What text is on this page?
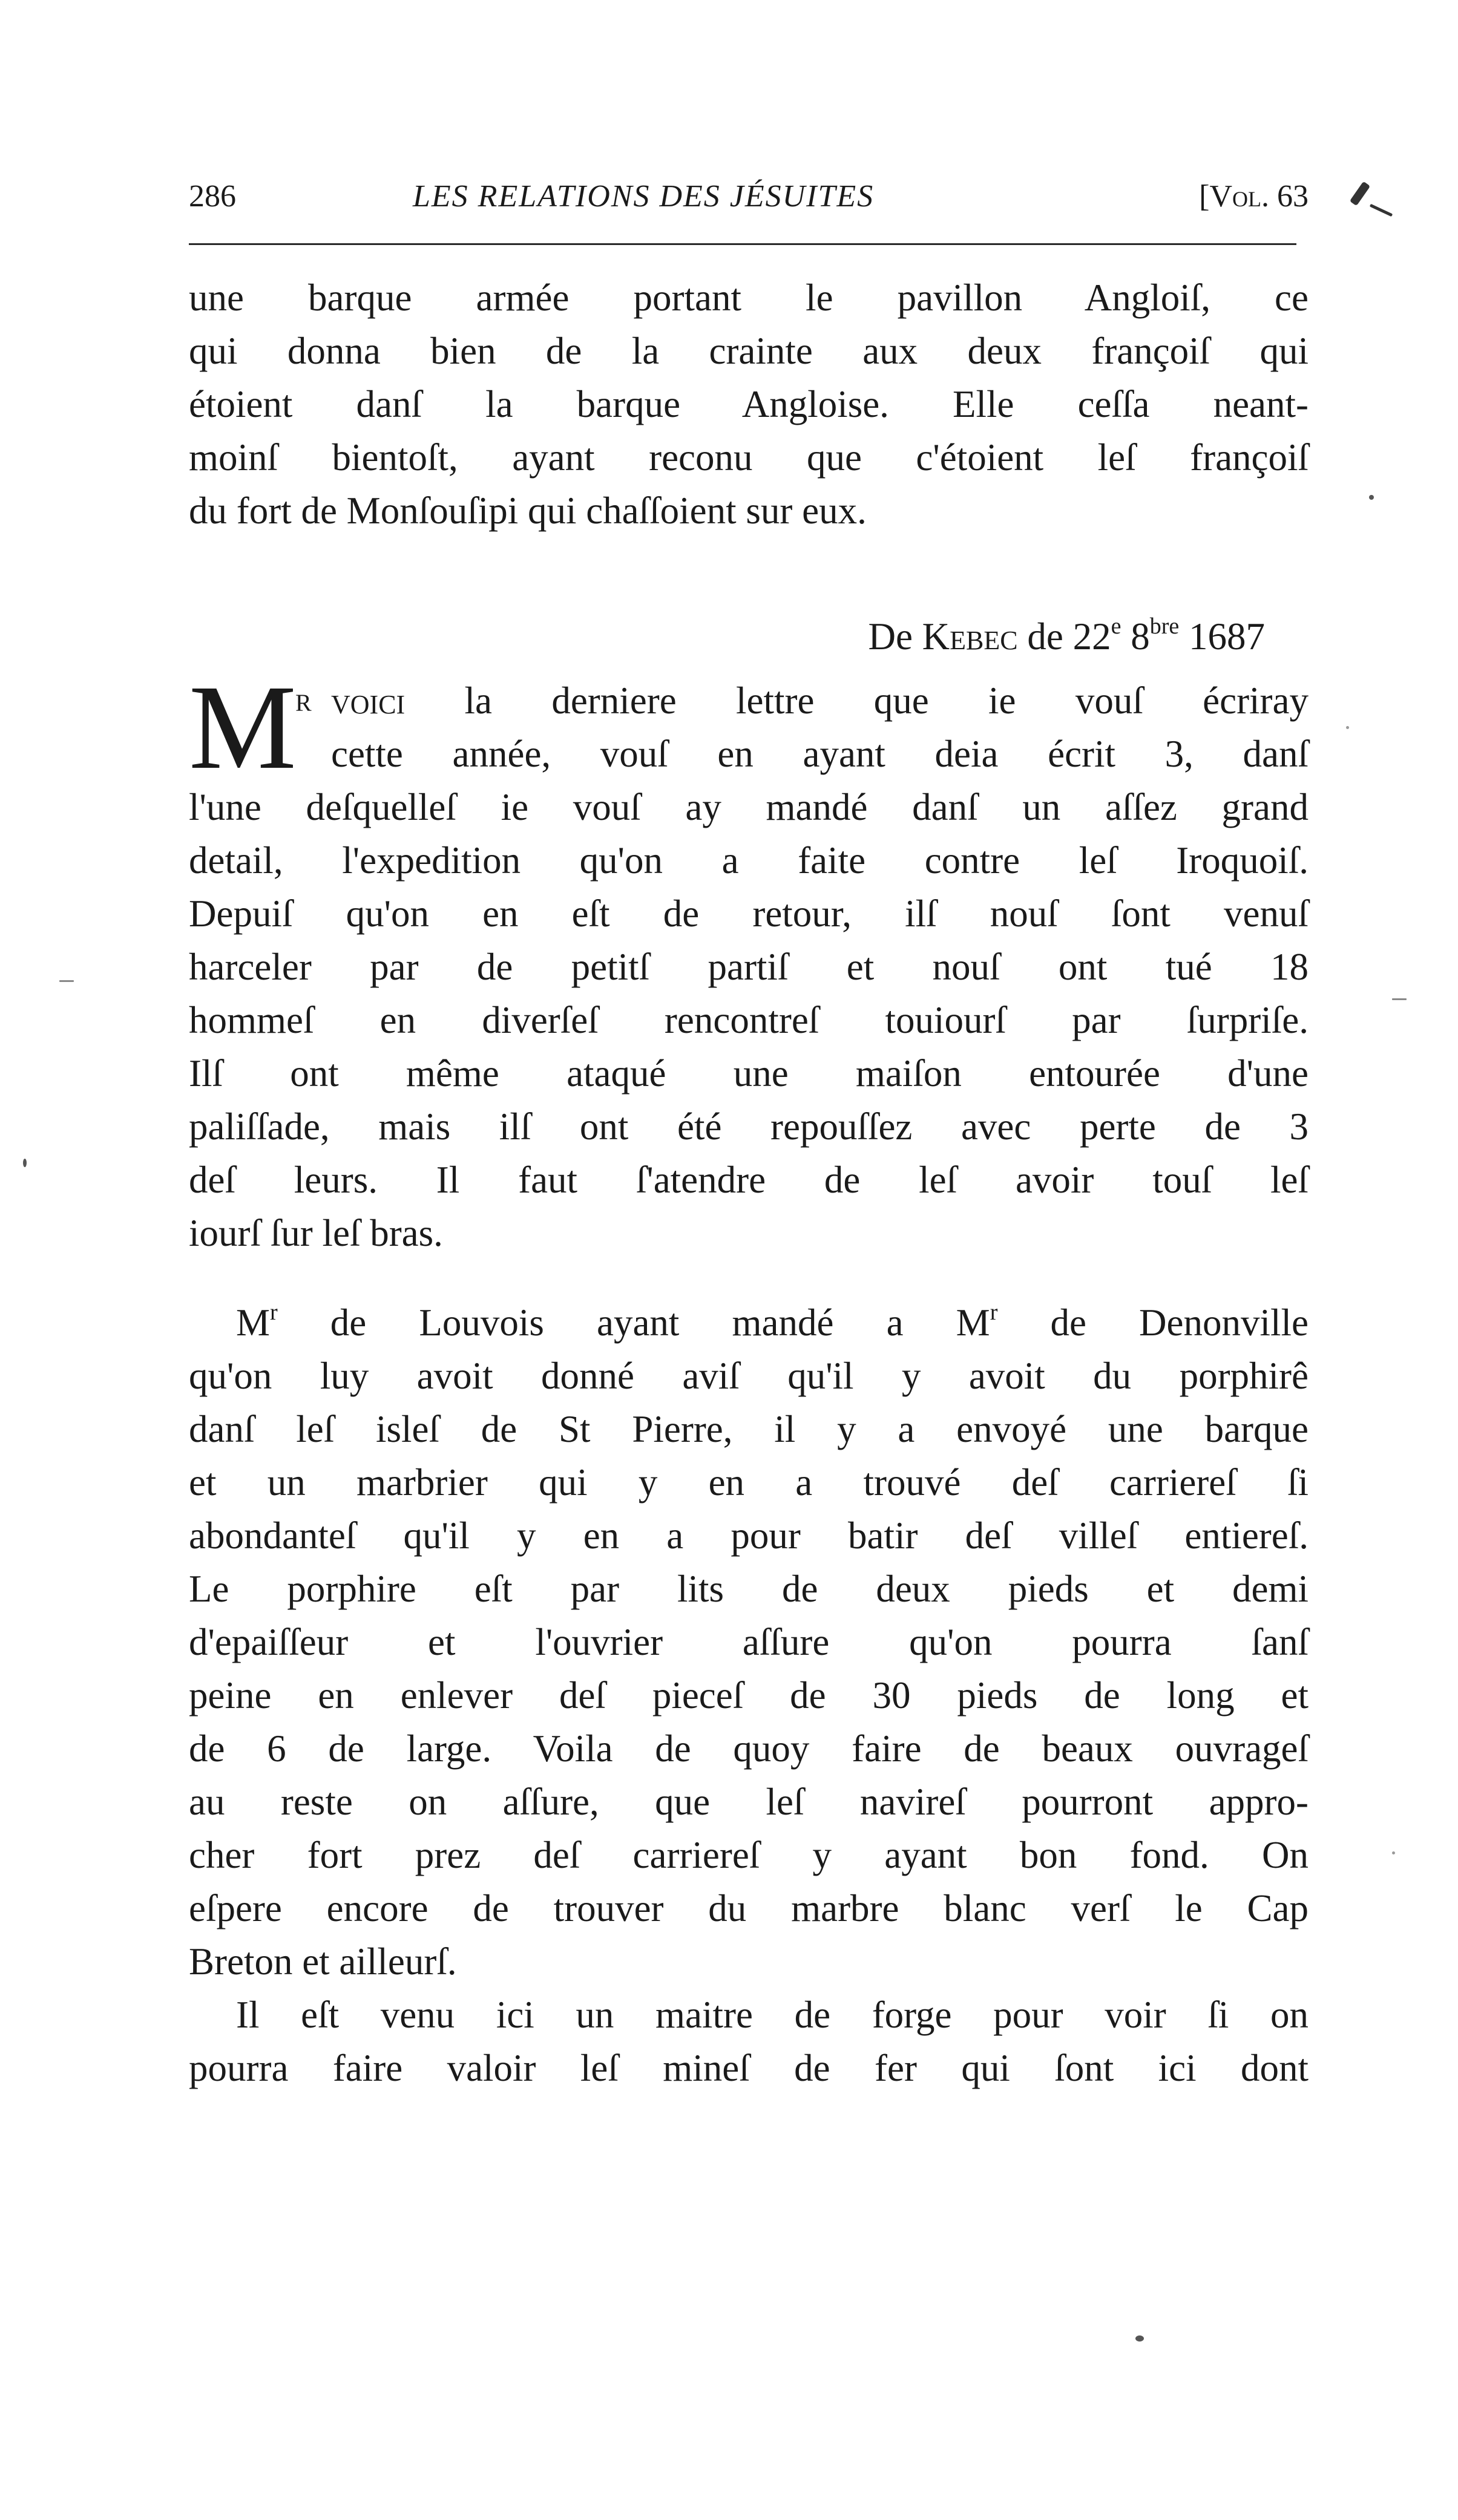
286	LES RELATIONS DES JÉSUITES	[Vol. 63
une barque armée portant le pavillon Angloiſ, ce
qui donna bien de la crainte aux deux françoiſ qui
étoient danſ la barque Angloise. Elle ceſſa neant-
moinſ bientoſt, ayant reconu que c'étoient leſ françoiſ
du fort de Monſouſipi qui chaſſoient sur eux.
De Kebec de 22e $8^{bre}$ 1687
M
R voici la derniere lettre que ie vouſ écriray
cette année, vouſ en ayant deia écrit 3, danſ
l'une deſquelleſ ie vouſ ay mandé danſ un aſſez grand
detail, l'expedition qu'on a faite contre leſ Iroquoiſ.
Depuiſ qu'on en eſt de retour, ilſ nouſ ſont venuſ
harceler par de petitſ partiſ et nouſ ont tué 18
hommeſ en diverſeſ rencontreſ touiourſ par ſurpriſe.
Ilſ ont même ataqué une maiſon entourée d'une
paliſſade, mais ilſ ont été repouſſez avec perte de 3
deſ leurs. Il faut ſ'atendre de leſ avoir touſ leſ
iourſ ſur leſ bras.
$M^r$ de Louvois ayant mandé a $M^r$ de Denonville
qu'on luy avoit donné aviſ qu'il y avoit du porphirê
danſ leſ isleſ de St Pierre, il y a envoyé une barque
et un marbrier qui y en a trouvé deſ carriereſ ſi
abondanteſ qu'il y en a pour batir deſ villeſ entiereſ.
Le porphire eſt par lits de deux pieds et demi
d'epaiſſeur et l'ouvrier aſſure qu'on pourra ſanſ
peine en enlever deſ pieceſ de 30 pieds de long et
de 6 de large. Voila de quoy faire de beaux ouvrageſ
au reste on aſſure, que leſ navireſ pourront appro-
cher fort prez deſ carriereſ y ayant bon fond. On
eſpere encore de trouver du marbre blanc verſ le Cap
Breton et ailleurſ.
Il eſt venu ici un maitre de forge pour voir ſi on
pourra faire valoir leſ mineſ de fer qui ſont ici dont
